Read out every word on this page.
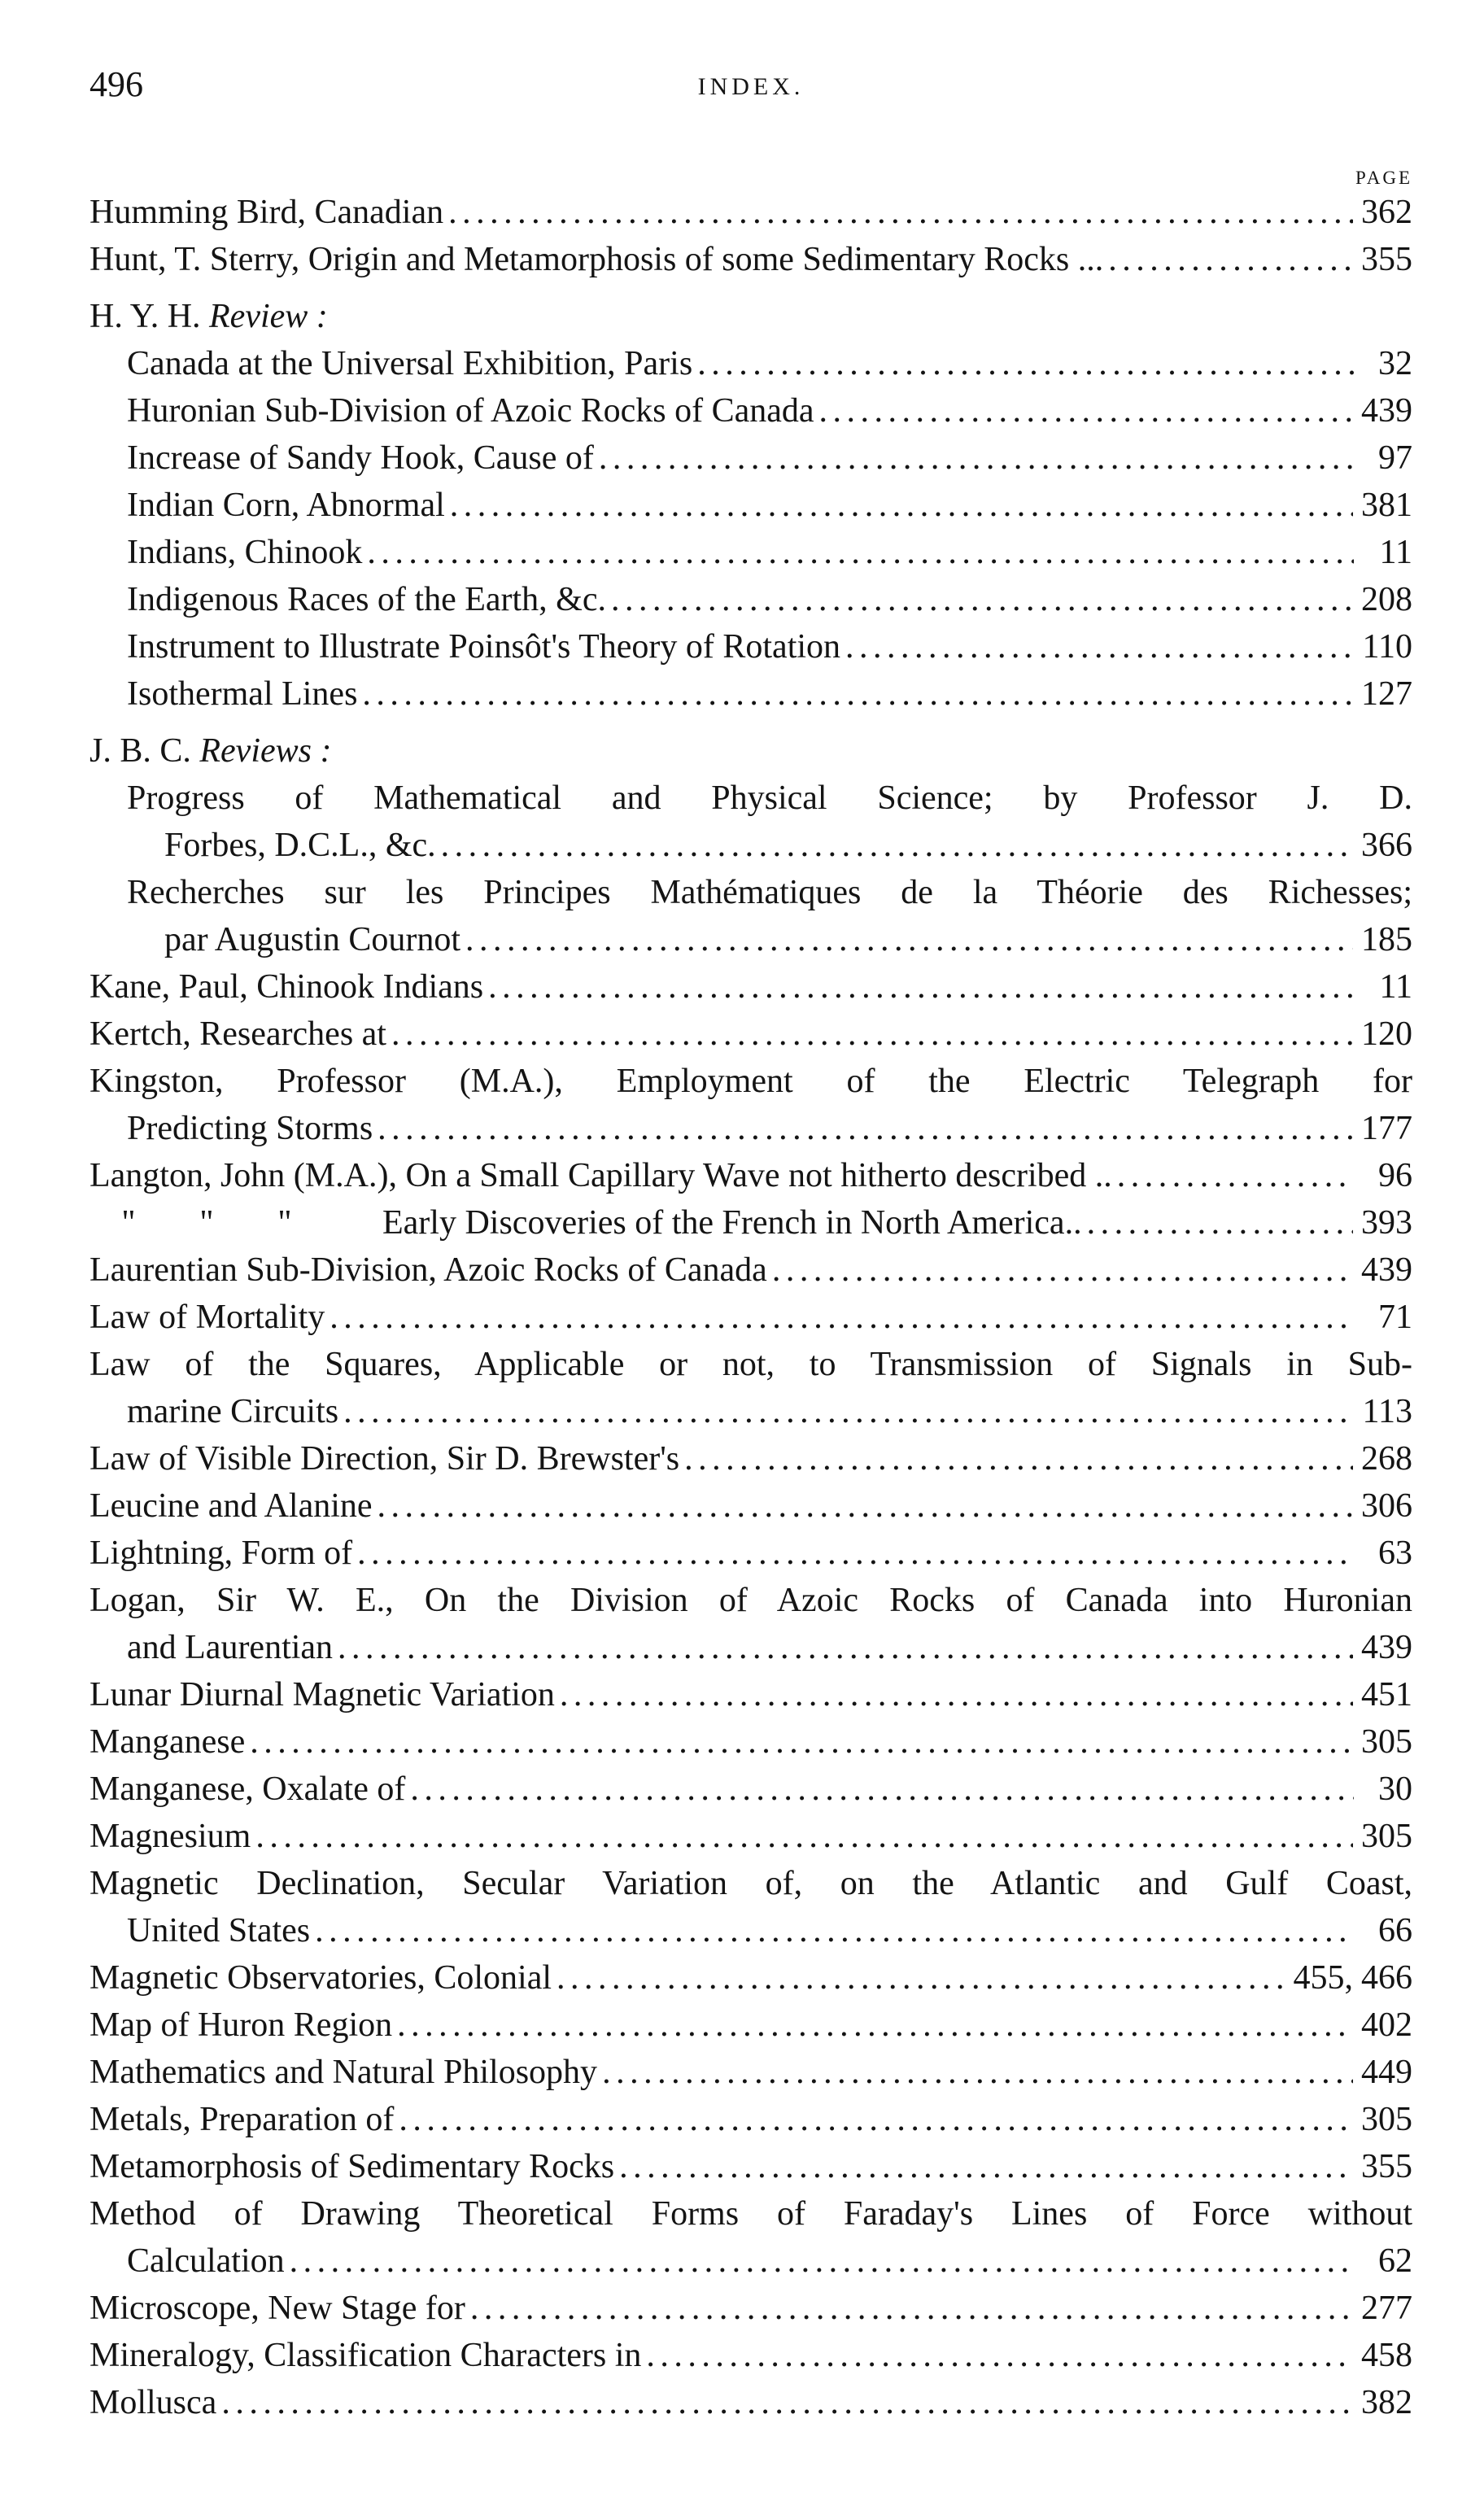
496	INDEX.
PAGE
Humming Bird, Canadian . . .	362
Hunt, T. Sterry, Origin and Metamorphosis of some Sedimentary Rocks ... . . .	355
H. Y. H. Review :
Canada at the Universal Exhibition, Paris . . .	32
Huronian Sub-Division of Azoic Rocks of Canada . . .	439
Increase of Sandy Hook, Cause of . . .	97
Indian Corn, Abnormal . . .	381
Indians, Chinook . . .	11
Indigenous Races of the Earth, &c. . . .	208
Instrument to Illustrate Poinsôt's Theory of Rotation . . .	110
Isothermal Lines . . .	127
J. B. C. Reviews :
Progress of Mathematical and Physical Science; by Professor J. D.
Forbes, D.C.L., &c. . . .	366
Recherches sur les Principes Mathématiques de la Théorie des Richesses;
par Augustin Cournot . . .	185
Kane, Paul, Chinook Indians . . .	11
Kertch, Researches at . . .	120
Kingston, Professor (M.A.), Employment of the Electric Telegraph for
Predicting Storms . . .	177
Langton, John (M.A.), On a Small Capillary Wave not hitherto described .. . . .	96
" " "	Early Discoveries of the French in North America.. . . .	393
Laurentian Sub-Division, Azoic Rocks of Canada . . .	439
Law of Mortality . . .	71
Law of the Squares, Applicable or not, to Transmission of Signals in Sub-
marine Circuits . . .	113
Law of Visible Direction, Sir D. Brewster's . . .	268
Leucine and Alanine . . .	306
Lightning, Form of . . .	63
Logan, Sir W. E., On the Division of Azoic Rocks of Canada into Huronian
and Laurentian . . .	439
Lunar Diurnal Magnetic Variation . . .	451
Manganese . . .	305
Manganese, Oxalate of . . .	30
Magnesium . . .	305
Magnetic Declination, Secular Variation of, on the Atlantic and Gulf Coast,
United States . . .	66
Magnetic Observatories, Colonial . . .	455, 466
Map of Huron Region . . .	402
Mathematics and Natural Philosophy . . .	449
Metals, Preparation of . . .	305
Metamorphosis of Sedimentary Rocks . . .	355
Method of Drawing Theoretical Forms of Faraday's Lines of Force without
Calculation . . .	62
Microscope, New Stage for . . .	277
Mineralogy, Classification Characters in . . .	458
Mollusca . . .	382
